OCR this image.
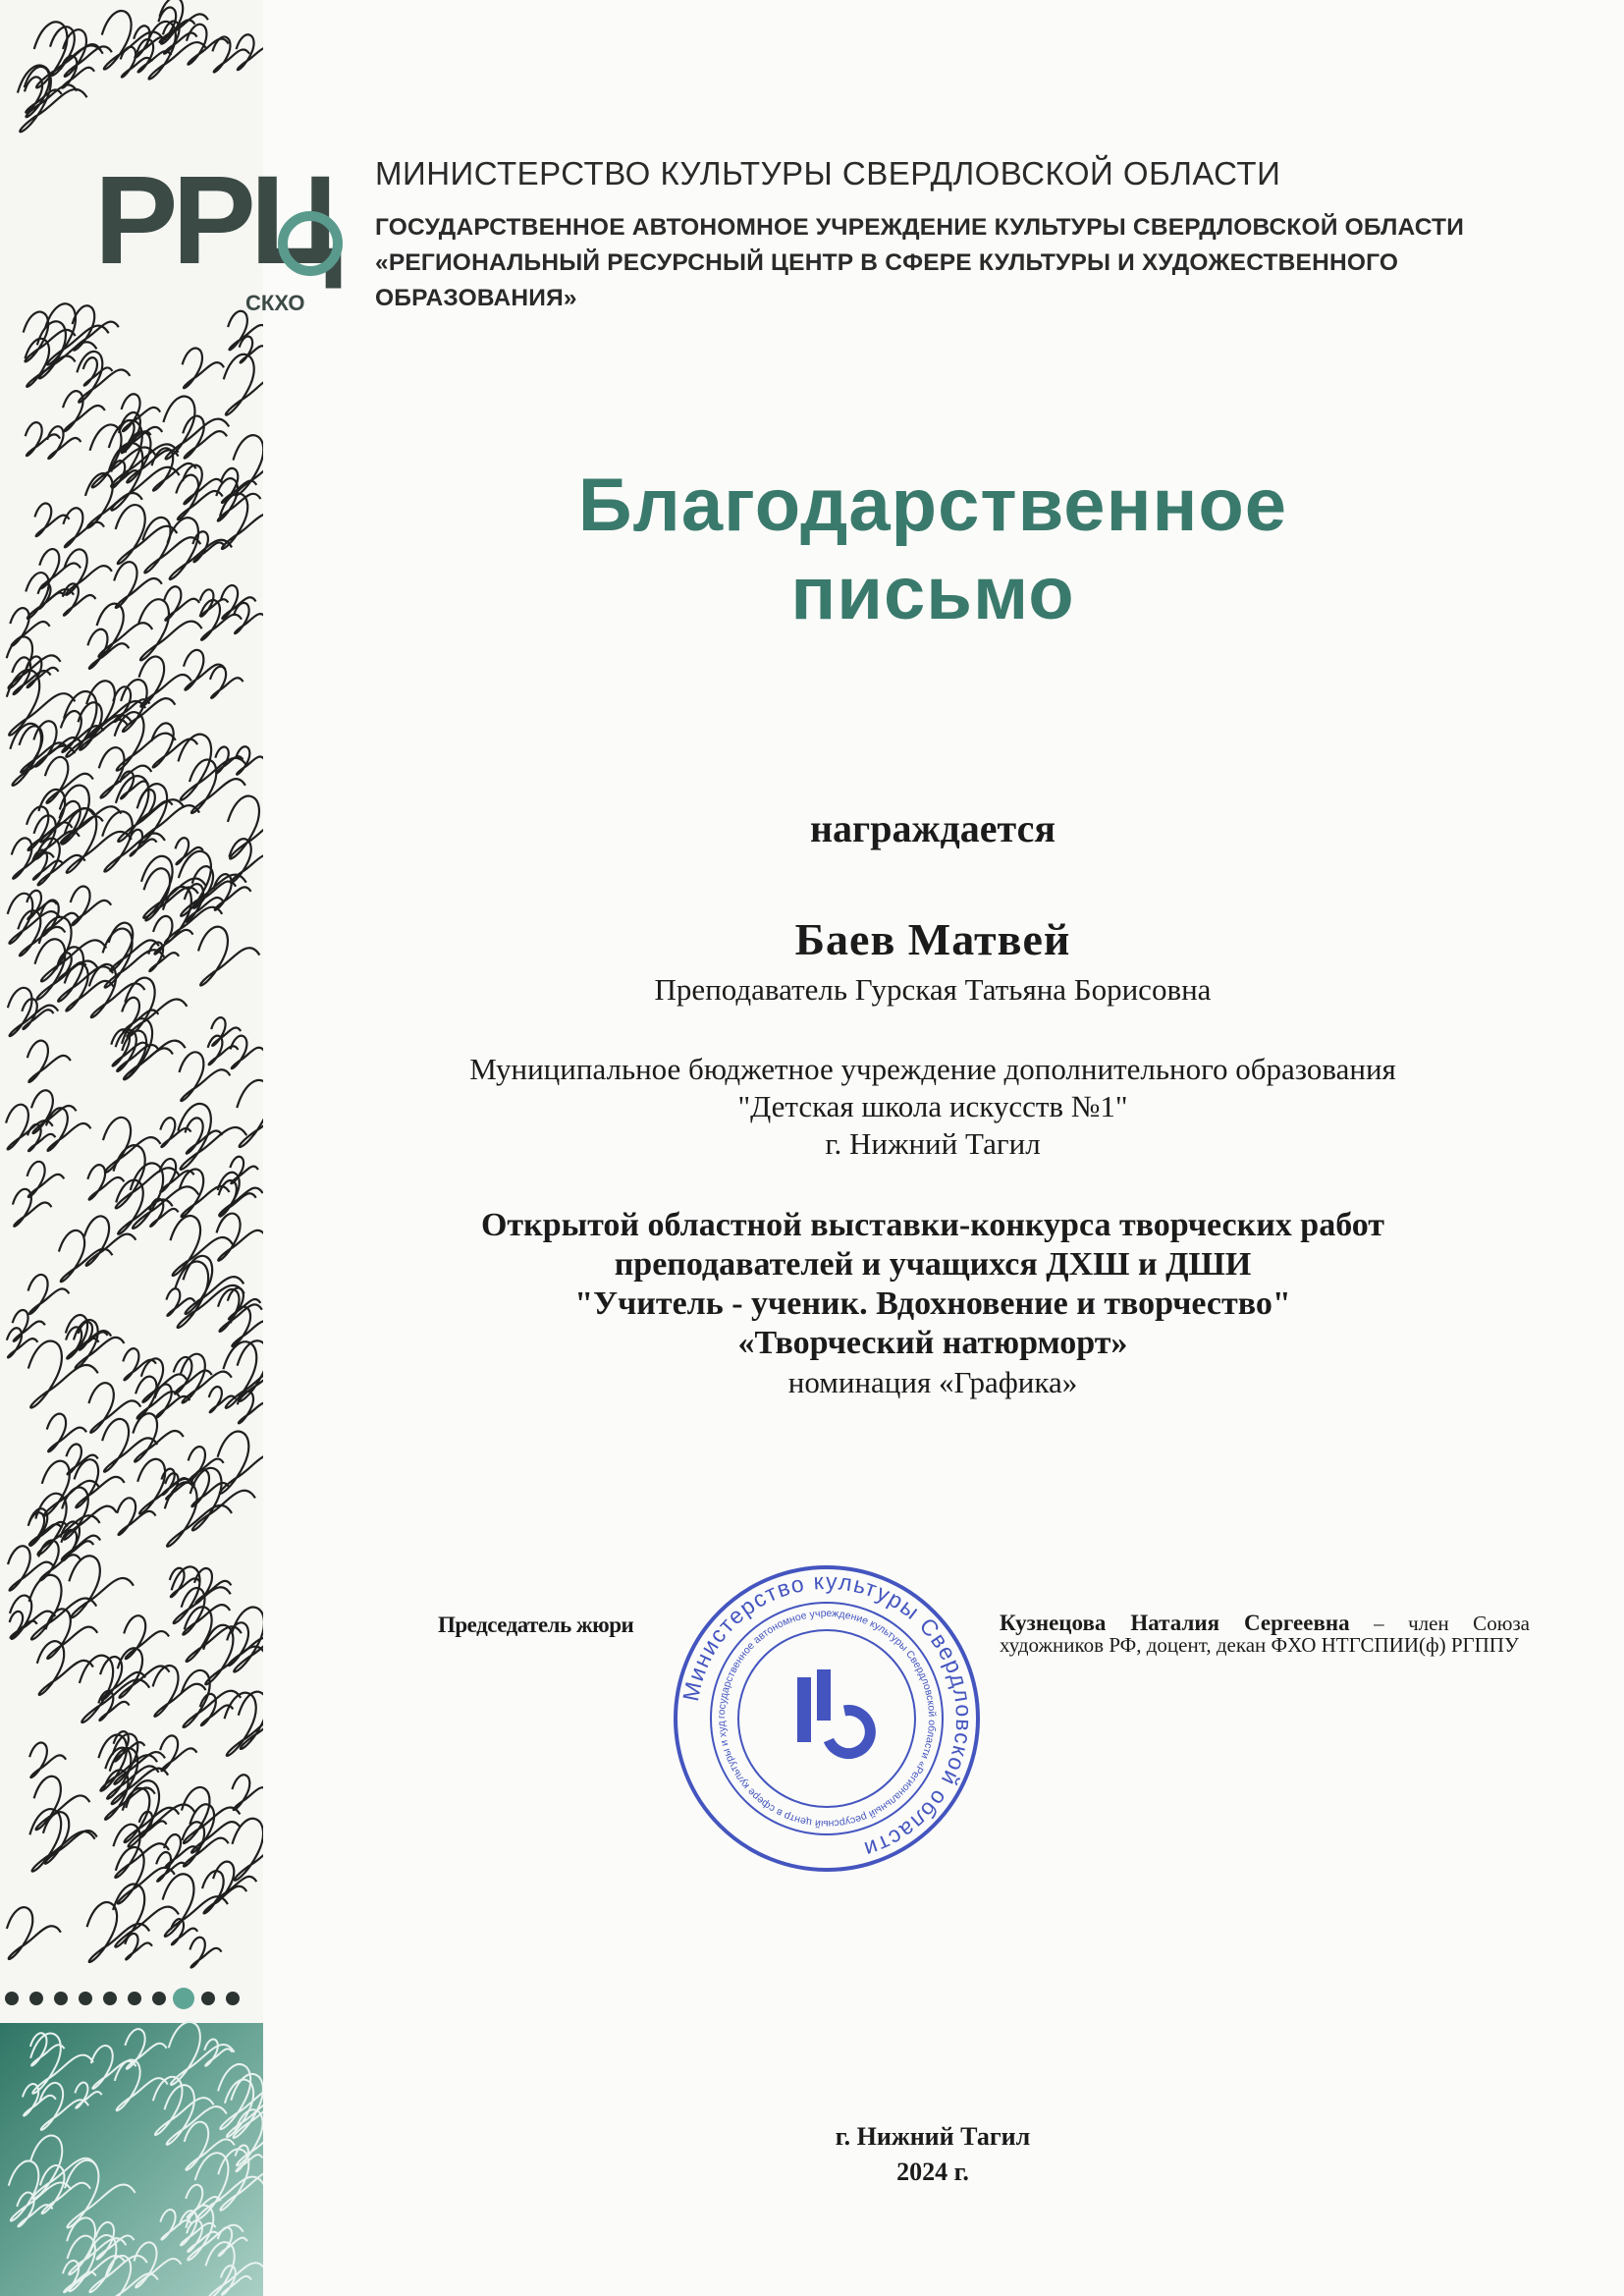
РРЦ
СКХО

МИНИСТЕРСТВО КУЛЬТУРЫ СВЕРДЛОВСКОЙ ОБЛАСТИ

ГОСУДАРСТВЕННОЕ АВТОНОМНОЕ УЧРЕЖДЕНИЕ КУЛЬТУРЫ СВЕРДЛОВСКОЙ ОБЛАСТИ

«РЕГИОНАЛЬНЫЙ РЕСУРСНЫЙ ЦЕНТР В СФЕРЕ КУЛЬТУРЫ И ХУДОЖЕСТВЕННОГО ОБРАЗОВАНИЯ»

Благодарственное
письмо
награждается
Баев Матвей
Преподаватель Гурская Татьяна Борисовна
Муниципальное бюджетное учреждение дополнительного образования
"Детская школа искусств №1"
г. Нижний Тагил
Открытой областной выставки-конкурса творческих работ
преподавателей и учащихся ДХШ и ДШИ
"Учитель - ученик. Вдохновение и творчество"
«Творческий натюрморт»
номинация «Графика»
Председатель жюри
Министерство культуры Свердловской области
государственное автономное учреждение культуры Свердловской области «Региональный ресурсный центр в сфере культуры и худ
Кузнецова Наталия Сергеевна – член Союза художников РФ, доцент, декан ФХО НТГСПИИ(ф) РГППУ
г. Нижний Тагил
2024 г.
